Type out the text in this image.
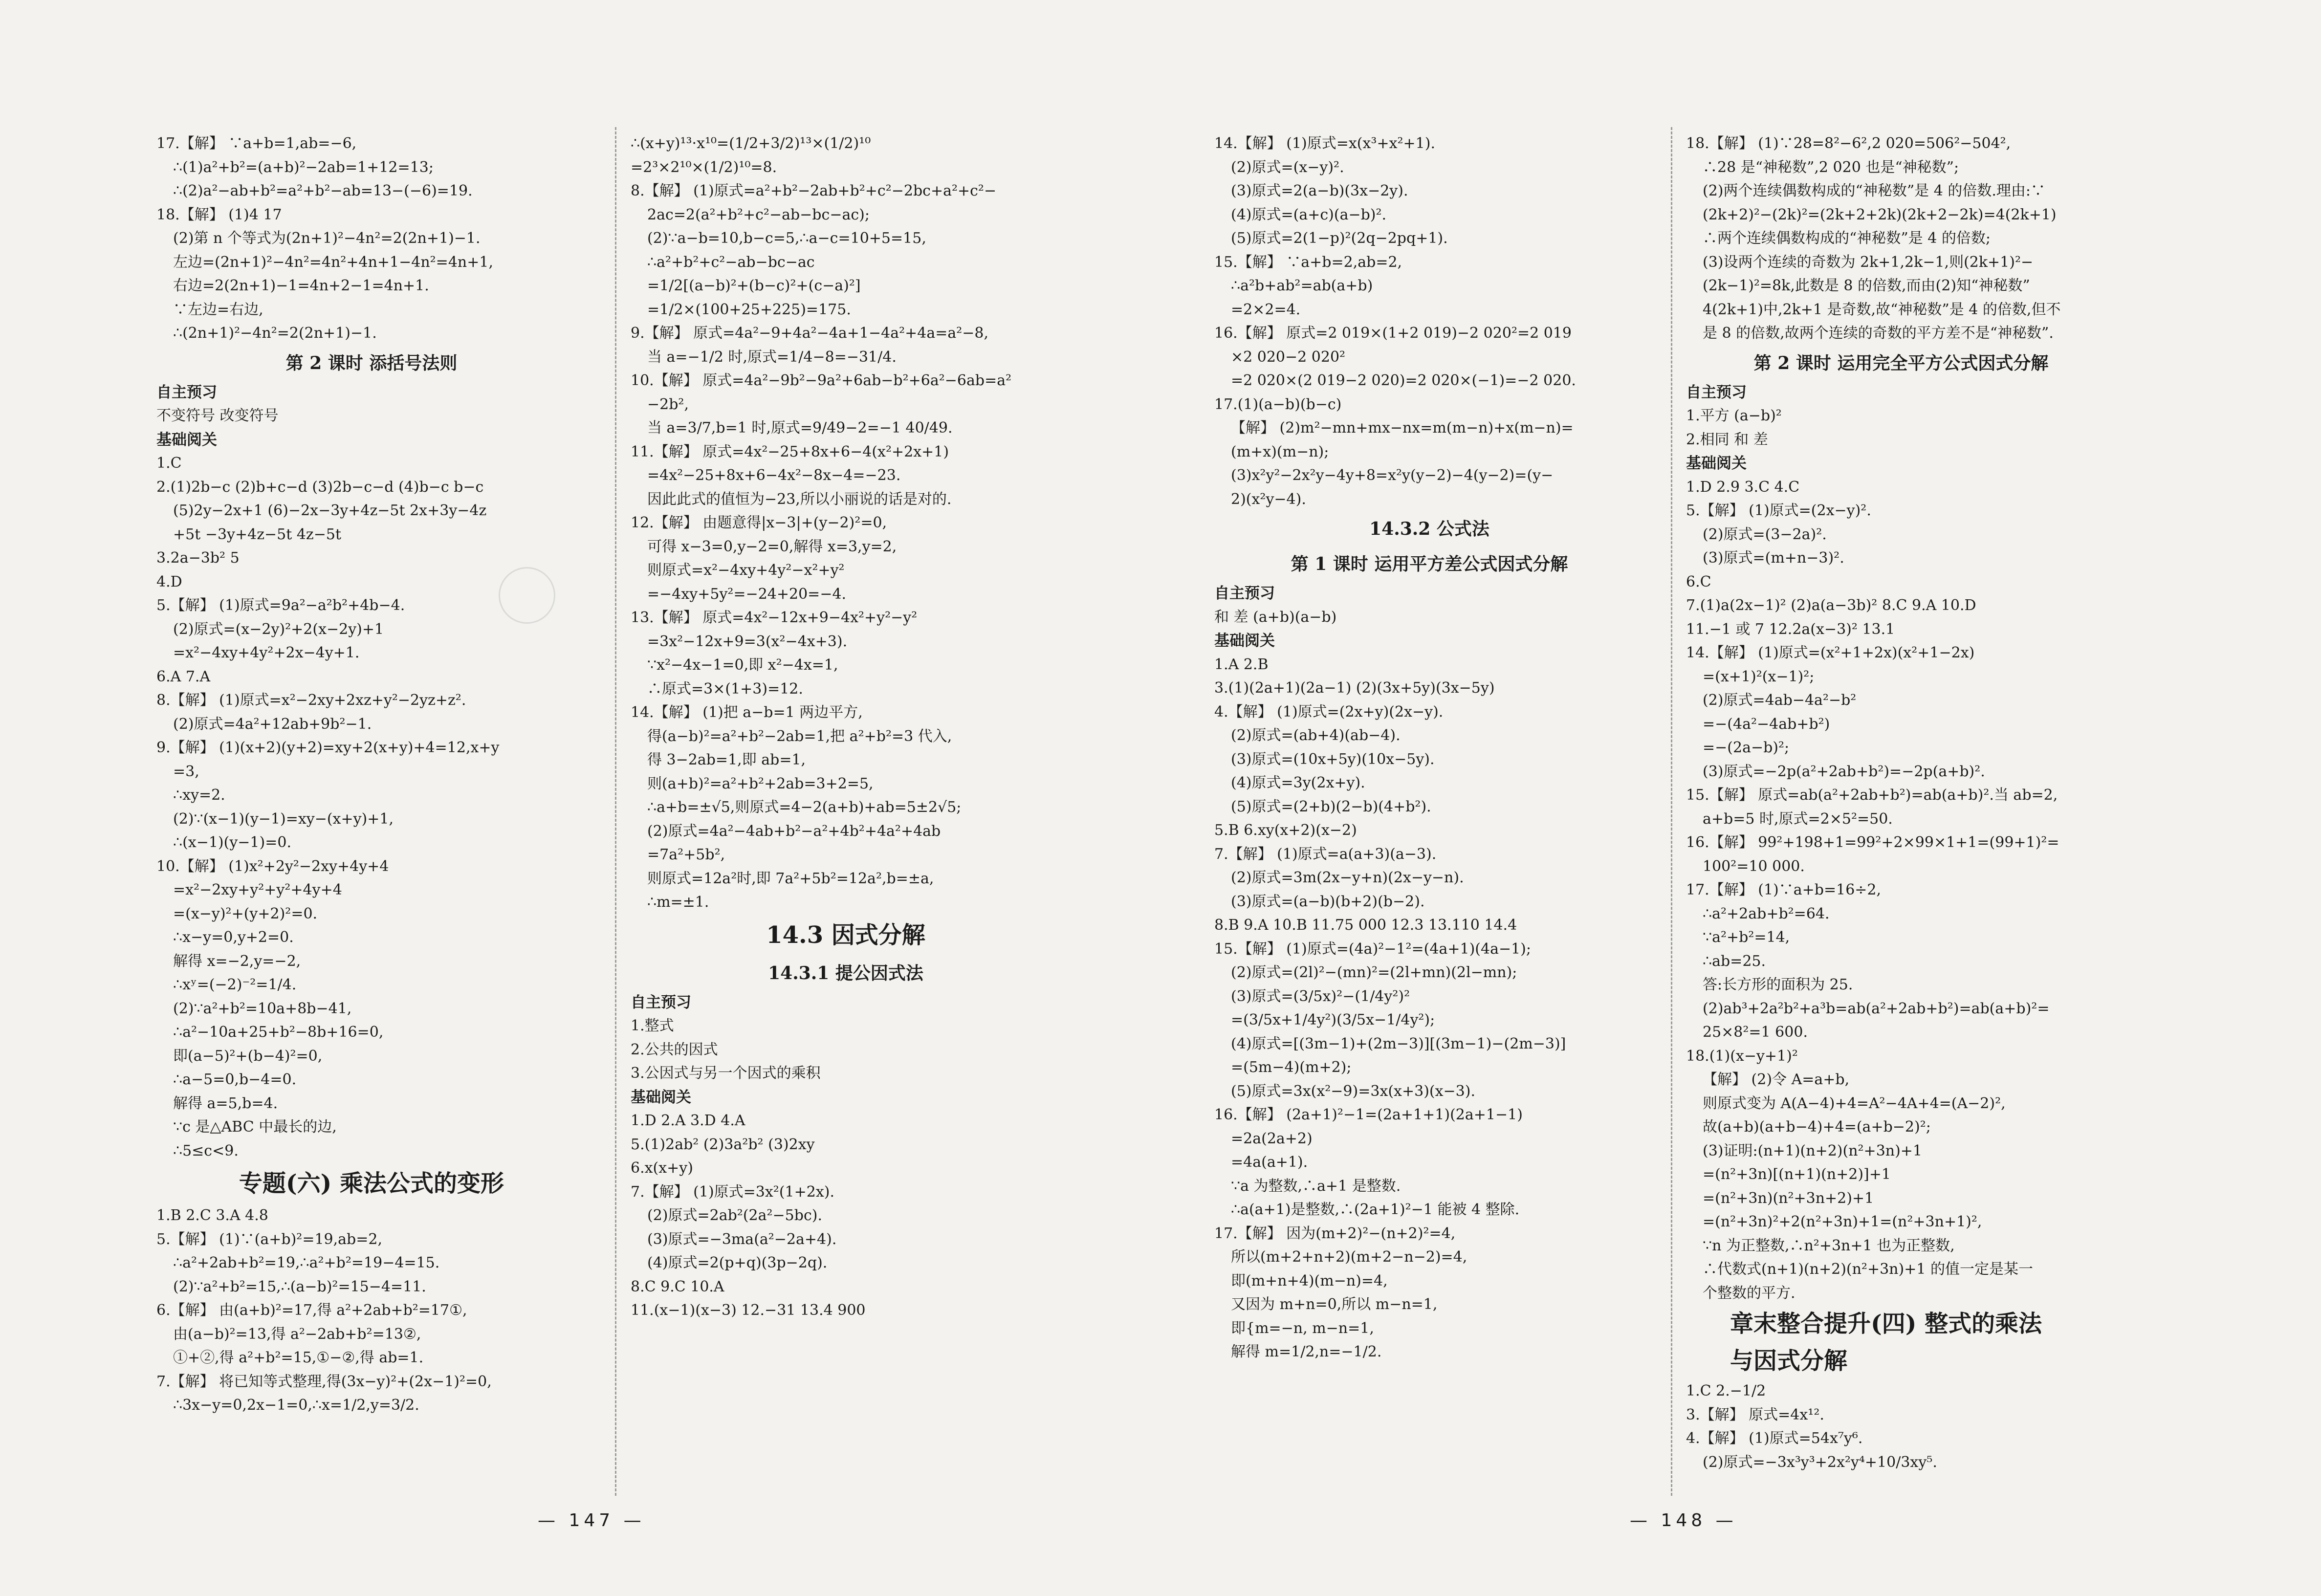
17.【解】 ∵a+b=1,ab=−6,
∴(1)a²+b²=(a+b)²−2ab=1+12=13;
∴(2)a²−ab+b²=a²+b²−ab=13−(−6)=19.
18.【解】 (1)4 17
(2)第 n 个等式为(2n+1)²−4n²=2(2n+1)−1.
左边=(2n+1)²−4n²=4n²+4n+1−4n²=4n+1,
右边=2(2n+1)−1=4n+2−1=4n+1.
∵左边=右边,
∴(2n+1)²−4n²=2(2n+1)−1.
第 2 课时 添括号法则
自主预习
不变符号 改变符号
基础阅关
1.C
2.(1)2b−c (2)b+c−d (3)2b−c−d (4)b−c b−c
(5)2y−2x+1 (6)−2x−3y+4z−5t 2x+3y−4z
+5t −3y+4z−5t 4z−5t
3.2a−3b² 5
4.D
5.【解】 (1)原式=9a²−a²b²+4b−4.
(2)原式=(x−2y)²+2(x−2y)+1
=x²−4xy+4y²+2x−4y+1.
6.A 7.A
8.【解】 (1)原式=x²−2xy+2xz+y²−2yz+z².
(2)原式=4a²+12ab+9b²−1.
9.【解】 (1)(x+2)(y+2)=xy+2(x+y)+4=12,x+y
=3,
∴xy=2.
(2)∵(x−1)(y−1)=xy−(x+y)+1,
∴(x−1)(y−1)=0.
10.【解】 (1)x²+2y²−2xy+4y+4
=x²−2xy+y²+y²+4y+4
=(x−y)²+(y+2)²=0.
∴x−y=0,y+2=0.
解得 x=−2,y=−2,
∴xʸ=(−2)⁻²=1/4.
(2)∵a²+b²=10a+8b−41,
∴a²−10a+25+b²−8b+16=0,
即(a−5)²+(b−4)²=0,
∴a−5=0,b−4=0.
解得 a=5,b=4.
∵c 是△ABC 中最长的边,
∴5≤c<9.
专题(六) 乘法公式的变形
1.B 2.C 3.A 4.8
5.【解】 (1)∵(a+b)²=19,ab=2,
∴a²+2ab+b²=19,∴a²+b²=19−4=15.
(2)∵a²+b²=15,∴(a−b)²=15−4=11.
6.【解】 由(a+b)²=17,得 a²+2ab+b²=17①,
由(a−b)²=13,得 a²−2ab+b²=13②,
①+②,得 a²+b²=15,①−②,得 ab=1.
7.【解】 将已知等式整理,得(3x−y)²+(2x−1)²=0,
∴3x−y=0,2x−1=0,∴x=1/2,y=3/2.
∴(x+y)¹³·x¹⁰=(1/2+3/2)¹³×(1/2)¹⁰
=2³×2¹⁰×(1/2)¹⁰=8.
8.【解】 (1)原式=a²+b²−2ab+b²+c²−2bc+a²+c²−
2ac=2(a²+b²+c²−ab−bc−ac);
(2)∵a−b=10,b−c=5,∴a−c=10+5=15,
∴a²+b²+c²−ab−bc−ac
=1/2[(a−b)²+(b−c)²+(c−a)²]
=1/2×(100+25+225)=175.
9.【解】 原式=4a²−9+4a²−4a+1−4a²+4a=a²−8,
当 a=−1/2 时,原式=1/4−8=−31/4.
10.【解】 原式=4a²−9b²−9a²+6ab−b²+6a²−6ab=a²
−2b²,
当 a=3/7,b=1 时,原式=9/49−2=−1 40/49.
11.【解】 原式=4x²−25+8x+6−4(x²+2x+1)
=4x²−25+8x+6−4x²−8x−4=−23.
因此此式的值恒为−23,所以小丽说的话是对的.
12.【解】 由题意得|x−3|+(y−2)²=0,
可得 x−3=0,y−2=0,解得 x=3,y=2,
则原式=x²−4xy+4y²−x²+y²
=−4xy+5y²=−24+20=−4.
13.【解】 原式=4x²−12x+9−4x²+y²−y²
=3x²−12x+9=3(x²−4x+3).
∵x²−4x−1=0,即 x²−4x=1,
∴原式=3×(1+3)=12.
14.【解】 (1)把 a−b=1 两边平方,
得(a−b)²=a²+b²−2ab=1,把 a²+b²=3 代入,
得 3−2ab=1,即 ab=1,
则(a+b)²=a²+b²+2ab=3+2=5,
∴a+b=±√5,则原式=4−2(a+b)+ab=5±2√5;
(2)原式=4a²−4ab+b²−a²+4b²+4a²+4ab
=7a²+5b²,
则原式=12a²时,即 7a²+5b²=12a²,b=±a,
∴m=±1.
14.3 因式分解
14.3.1 提公因式法
自主预习
1.整式
2.公共的因式
3.公因式与另一个因式的乘积
基础阅关
1.D 2.A 3.D 4.A
5.(1)2ab² (2)3a²b² (3)2xy
6.x(x+y)
7.【解】 (1)原式=3x²(1+2x).
(2)原式=2ab²(2a²−5bc).
(3)原式=−3ma(a²−2a+4).
(4)原式=2(p+q)(3p−2q).
8.C 9.C 10.A
11.(x−1)(x−3) 12.−31 13.4 900
— 147 —
14.【解】 (1)原式=x(x³+x²+1).
(2)原式=(x−y)².
(3)原式=2(a−b)(3x−2y).
(4)原式=(a+c)(a−b)².
(5)原式=2(1−p)²(2q−2pq+1).
15.【解】 ∵a+b=2,ab=2,
∴a²b+ab²=ab(a+b)
=2×2=4.
16.【解】 原式=2 019×(1+2 019)−2 020²=2 019
×2 020−2 020²
=2 020×(2 019−2 020)=2 020×(−1)=−2 020.
17.(1)(a−b)(b−c)
【解】 (2)m²−mn+mx−nx=m(m−n)+x(m−n)=
(m+x)(m−n);
(3)x²y²−2x²y−4y+8=x²y(y−2)−4(y−2)=(y−
2)(x²y−4).
14.3.2 公式法
第 1 课时 运用平方差公式因式分解
自主预习
和 差 (a+b)(a−b)
基础阅关
1.A 2.B
3.(1)(2a+1)(2a−1) (2)(3x+5y)(3x−5y)
4.【解】 (1)原式=(2x+y)(2x−y).
(2)原式=(ab+4)(ab−4).
(3)原式=(10x+5y)(10x−5y).
(4)原式=3y(2x+y).
(5)原式=(2+b)(2−b)(4+b²).
5.B 6.xy(x+2)(x−2)
7.【解】 (1)原式=a(a+3)(a−3).
(2)原式=3m(2x−y+n)(2x−y−n).
(3)原式=(a−b)(b+2)(b−2).
8.B 9.A 10.B 11.75 000 12.3 13.110 14.4
15.【解】 (1)原式=(4a)²−1²=(4a+1)(4a−1);
(2)原式=(2l)²−(mn)²=(2l+mn)(2l−mn);
(3)原式=(3/5x)²−(1/4y²)²
=(3/5x+1/4y²)(3/5x−1/4y²);
(4)原式=[(3m−1)+(2m−3)][(3m−1)−(2m−3)]
=(5m−4)(m+2);
(5)原式=3x(x²−9)=3x(x+3)(x−3).
16.【解】 (2a+1)²−1=(2a+1+1)(2a+1−1)
=2a(2a+2)
=4a(a+1).
∵a 为整数,∴a+1 是整数.
∴a(a+1)是整数,∴(2a+1)²−1 能被 4 整除.
17.【解】 因为(m+2)²−(n+2)²=4,
所以(m+2+n+2)(m+2−n−2)=4,
即(m+n+4)(m−n)=4,
又因为 m+n=0,所以 m−n=1,
即{m=−n, m−n=1,
解得 m=1/2,n=−1/2.
18.【解】 (1)∵28=8²−6²,2 020=506²−504²,
∴28 是“神秘数”,2 020 也是“神秘数”;
(2)两个连续偶数构成的“神秘数”是 4 的倍数.理由:∵
(2k+2)²−(2k)²=(2k+2+2k)(2k+2−2k)=4(2k+1)
∴两个连续偶数构成的“神秘数”是 4 的倍数;
(3)设两个连续的奇数为 2k+1,2k−1,则(2k+1)²−
(2k−1)²=8k,此数是 8 的倍数,而由(2)知“神秘数”
4(2k+1)中,2k+1 是奇数,故“神秘数”是 4 的倍数,但不
是 8 的倍数,故两个连续的奇数的平方差不是“神秘数”.
第 2 课时 运用完全平方公式因式分解
自主预习
1.平方 (a−b)²
2.相同 和 差
基础阅关
1.D 2.9 3.C 4.C
5.【解】 (1)原式=(2x−y)².
(2)原式=(3−2a)².
(3)原式=(m+n−3)².
6.C
7.(1)a(2x−1)² (2)a(a−3b)² 8.C 9.A 10.D
11.−1 或 7 12.2a(x−3)² 13.1
14.【解】 (1)原式=(x²+1+2x)(x²+1−2x)
=(x+1)²(x−1)²;
(2)原式=4ab−4a²−b²
=−(4a²−4ab+b²)
=−(2a−b)²;
(3)原式=−2p(a²+2ab+b²)=−2p(a+b)².
15.【解】 原式=ab(a²+2ab+b²)=ab(a+b)².当 ab=2,
a+b=5 时,原式=2×5²=50.
16.【解】 99²+198+1=99²+2×99×1+1=(99+1)²=
100²=10 000.
17.【解】 (1)∵a+b=16÷2,
∴a²+2ab+b²=64.
∵a²+b²=14,
∴ab=25.
答:长方形的面积为 25.
(2)ab³+2a²b²+a³b=ab(a²+2ab+b²)=ab(a+b)²=
25×8²=1 600.
18.(1)(x−y+1)²
【解】 (2)令 A=a+b,
则原式变为 A(A−4)+4=A²−4A+4=(A−2)²,
故(a+b)(a+b−4)+4=(a+b−2)²;
(3)证明:(n+1)(n+2)(n²+3n)+1
=(n²+3n)[(n+1)(n+2)]+1
=(n²+3n)(n²+3n+2)+1
=(n²+3n)²+2(n²+3n)+1=(n²+3n+1)²,
∵n 为正整数,∴n²+3n+1 也为正整数,
∴代数式(n+1)(n+2)(n²+3n)+1 的值一定是某一
个整数的平方.
章末整合提升(四) 整式的乘法
与因式分解
1.C 2.−1/2
3.【解】 原式=4x¹².
4.【解】 (1)原式=54x⁷y⁶.
(2)原式=−3x³y³+2x²y⁴+10/3xy⁵.
— 148 —
